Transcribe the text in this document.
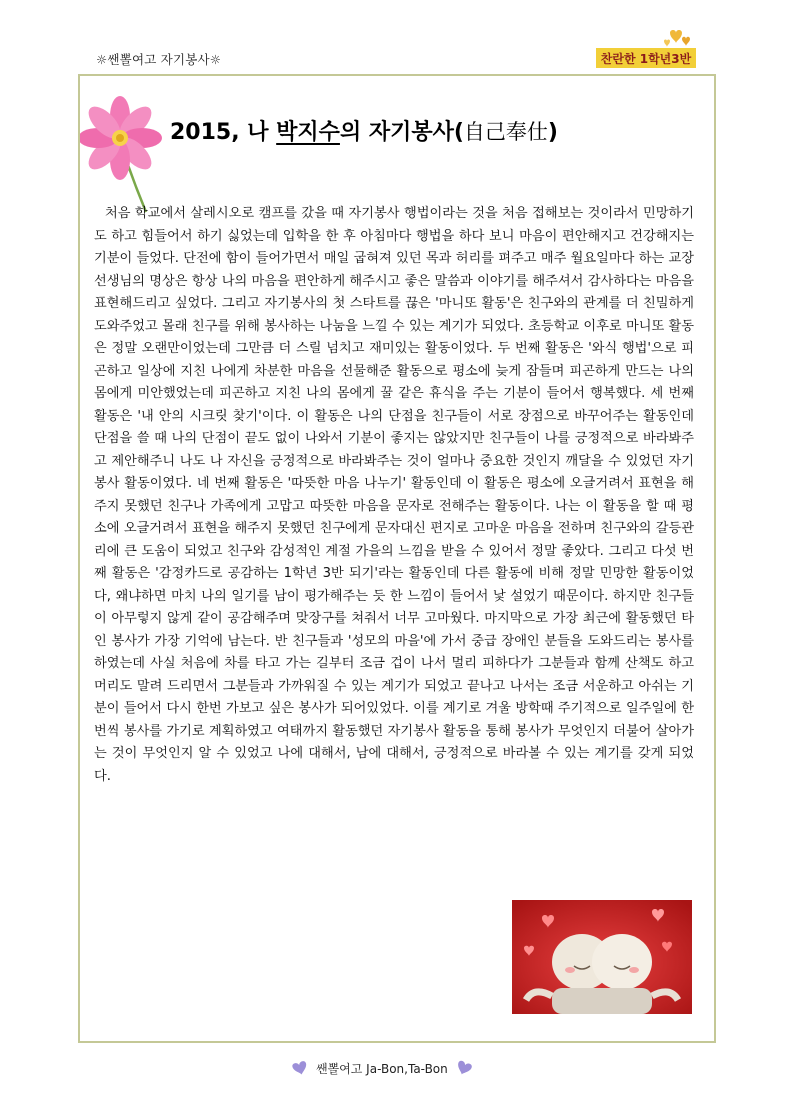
☼쌘뽈여고 자기봉사☼	찬란한 1학년3반
2015, 나 박지수의 자기봉사(自己奉仕)

처음 학교에서 살레시오로 캠프를 갔을 때 자기봉사 행법이라는 것을 처음 접해보는 것이라서 민망하기도 하고 힘들어서 하기 싫었는데 입학을 한 후 아침마다 행법을 하다 보니 마음이 편안해지고 건강해지는 기분이 들었다. 단전에 함이 들어가면서 매일 굽혀져 있던 목과 허리를 펴주고 매주 월요일마다 하는 교장선생님의 명상은 항상 나의 마음을 편안하게 해주시고 좋은 말씀과 이야기를 해주셔서 감사하다는 마음을 표현해드리고 싶었다. 그리고 자기봉사의 첫 스타트를 끊은 '마니또 활동'은 친구와의 관계를 더 친밀하게 도와주었고 몰래 친구를 위해 봉사하는 나눔을 느낄 수 있는 계기가 되었다. 초등학교 이후로 마니또 활동은 정말 오랜만이었는데 그만큼 더 스릴 넘치고 재미있는 활동이었다. 두 번째 활동은 '와식 행법'으로 피곤하고 일상에 지친 나에게 차분한 마음을 선물해준 활동으로 평소에 늦게 잠들며 피곤하게 만드는 나의 몸에게 미안했었는데 피곤하고 지친 나의 몸에게 꿀 같은 휴식을 주는 기분이 들어서 행복했다. 세 번째 활동은 '내 안의 시크릿 찾기'이다. 이 활동은 나의 단점을 친구들이 서로 장점으로 바꾸어주는 활동인데 단점을 쓸 때 나의 단점이 끝도 없이 나와서 기분이 좋지는 않았지만 친구들이 나를 긍정적으로 바라봐주고 제안해주니 나도 나 자신을 긍정적으로 바라봐주는 것이 얼마나 중요한 것인지 깨달을 수 있었던 자기봉사 활동이였다. 네 번째 활동은 '따뜻한 마음 나누기' 활동인데 이 활동은 평소에 오글거려서 표현을 해주지 못했던 친구나 가족에게 고맙고 따뜻한 마음을 문자로 전해주는 활동이다. 나는 이 활동을 할 때 평소에 오글거려서 표현을 해주지 못했던 친구에게 문자대신 편지로 고마운 마음을 전하며 친구와의 갈등관리에 큰 도움이 되었고 친구와 감성적인 계절 가을의 느낌을 받을 수 있어서 정말 좋았다. 그리고 다섯 번째 활동은 '감정카드로 공감하는 1학년 3반 되기'라는 활동인데 다른 활동에 비해 정말 민망한 활동이었다, 왜냐하면 마치 나의 일기를 남이 평가해주는 듯 한 느낌이 들어서 낯 설었기 때문이다. 하지만 친구들이 아무렇지 않게 같이 공감해주며 맞장구를 쳐줘서 너무 고마웠다. 마지막으로 가장 최근에 활동했던 타인 봉사가 가장 기억에 남는다. 반 친구들과 '성모의 마을'에 가서 중급 장애인 분들을 도와드리는 봉사를 하였는데 사실 처음에 차를 타고 가는 길부터 조금 겁이 나서 멀리 피하다가 그분들과 함께 산책도 하고 머리도 말려 드리면서 그분들과 가까워질 수 있는 계기가 되었고 끝나고 나서는 조금 서운하고 아쉬는 기분이 들어서 다시 한번 가보고 싶은 봉사가 되어있었다. 이를 계기로 겨울 방학때 주기적으로 일주일에 한 번씩 봉사를 가기로 계획하였고 여태까지 활동했던 자기봉사 활동을 통해 봉사가 무엇인지 더불어 살아가는 것이 무엇인지 알 수 있었고 나에 대해서, 남에 대해서, 긍정적으로 바라볼 수 있는 계기를 갖게 되었다.

쌘뽈여고 Ja-Bon,Ta-Bon
